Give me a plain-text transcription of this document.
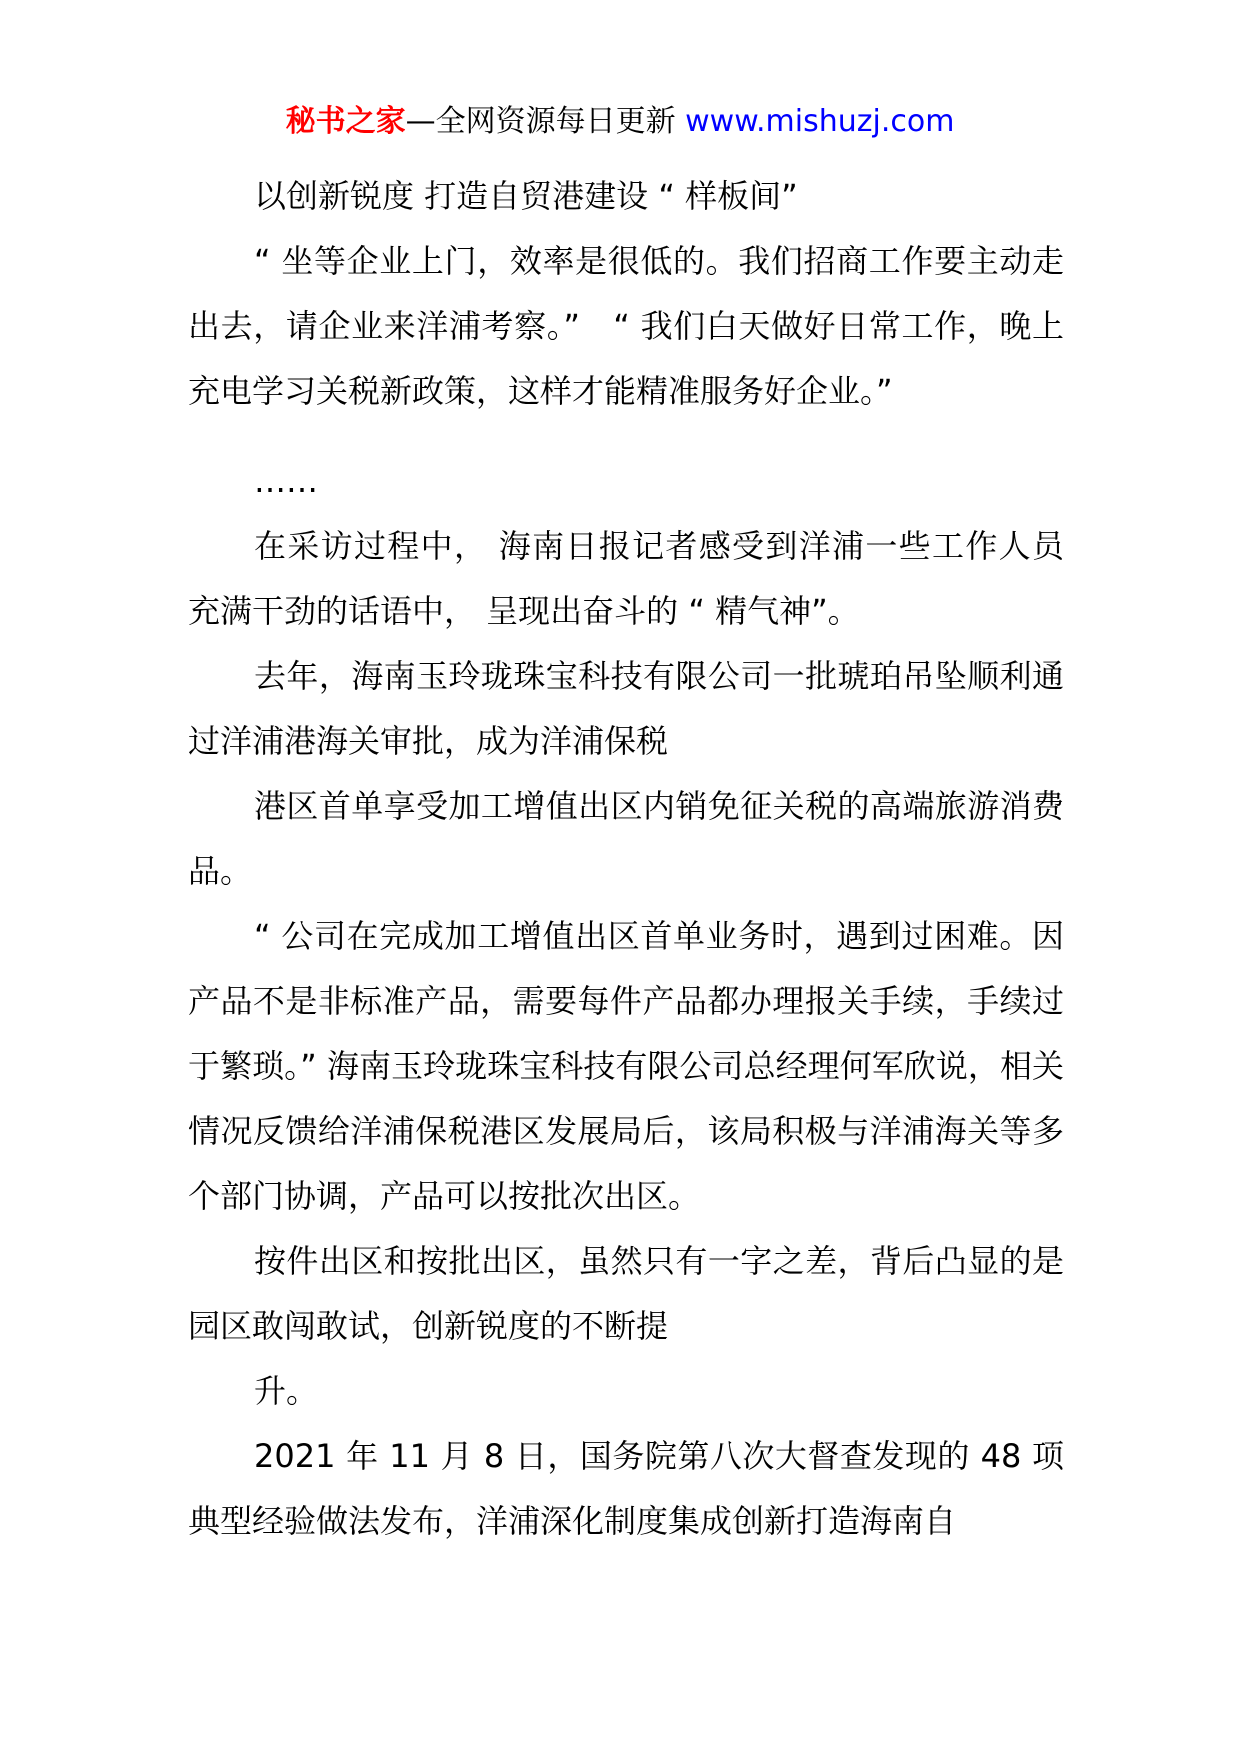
秘书之家—全网资源每日更新 www.mishuzj.com

以创新锐度 打造自贸港建设 “ 样板间”

“ 坐等企业上门，效率是很低的。我们招商工作要主动走出去，请企业来洋浦考察。”　“ 我们白天做好日常工作，晚上充电学习关税新政策，这样才能精准服务好企业。”

……

在采访过程中， 海南日报记者感受到洋浦一些工作人员充满干劲的话语中， 呈现出奋斗的 “ 精气神”。

去年，海南玉玲珑珠宝科技有限公司一批琥珀吊坠顺利通过洋浦港海关审批，成为洋浦保税

港区首单享受加工增值出区内销免征关税的高端旅游消费品。

“ 公司在完成加工增值出区首单业务时，遇到过困难。因产品不是非标准产品，需要每件产品都办理报关手续，手续过于繁琐。” 海南玉玲珑珠宝科技有限公司总经理何军欣说，相关情况反馈给洋浦保税港区发展局后，该局积极与洋浦海关等多个部门协调，产品可以按批次出区。

按件出区和按批出区，虽然只有一字之差，背后凸显的是园区敢闯敢试，创新锐度的不断提

升。

2021 年 11 月 8 日，国务院第八次大督查发现的 48 项典型经验做法发布，洋浦深化制度集成创新打造海南自
